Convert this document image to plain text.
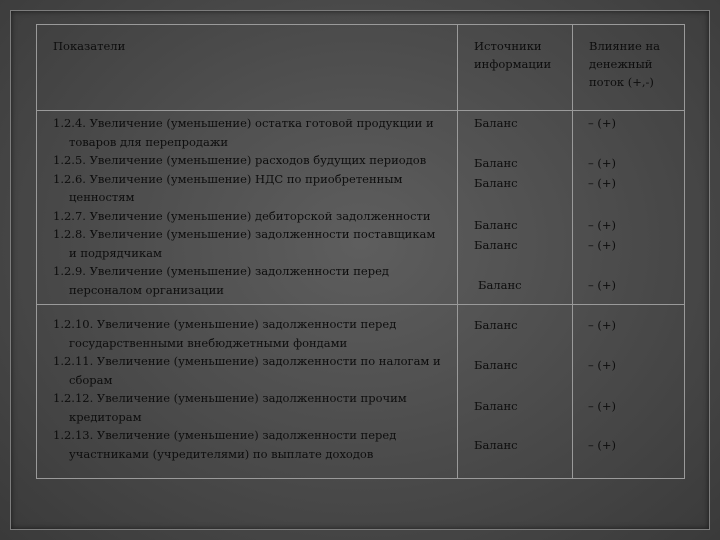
Показатели	Источники информации
Влияние на денежный поток (+,-)

1.2.4. Увеличение (уменьшение) остатка готовой продукции и товаров для перепродажи

1.2.5. Увеличение (уменьшение) расходов будущих периодов

1.2.6. Увеличение (уменьшение) НДС по приобретенным ценностям

1.2.7. Увеличение (уменьшение) дебиторской задолженности

1.2.8. Увеличение (уменьшение) задолженности поставщикам и подрядчикам

1.2.9. Увеличение (уменьшение) задолженности перед персоналом организации

Баланс
Баланс
Баланс
Баланс
Баланс
Баланс
– (+)
– (+)
– (+)
– (+)
– (+)
– (+)

1.2.10. Увеличение (уменьшение) задолженности перед государственными внебюджетными фондами

1.2.11. Увеличение (уменьшение) задолженности по налогам и сборам

1.2.12. Увеличение (уменьшение) задолженности прочим кредиторам

1.2.13. Увеличение (уменьшение) задолженности перед участниками (учредителями) по выплате доходов

Баланс
Баланс
Баланс
Баланс
– (+)
– (+)
– (+)
– (+)
